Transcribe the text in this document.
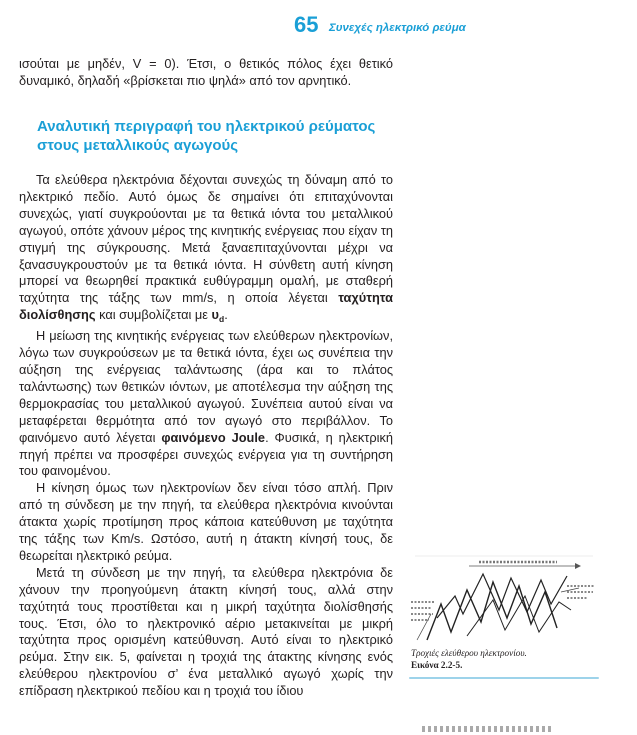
65 Συνεχές ηλεκτρικό ρεύμα

ισούται με μηδέν, V = 0). Έτσι, ο θετικός πόλος έχει θετικό δυναμικό, δηλαδή «βρίσκεται πιο ψηλά» από τον αρνητικό.

Αναλυτική περιγραφή του ηλεκτρικού ρεύματος στους μεταλλικούς αγωγούς

Τα ελεύθερα ηλεκτρόνια δέχονται συνεχώς τη δύναμη από το ηλεκτρικό πεδίο. Αυτό όμως δε σημαίνει ότι επιταχύνονται συνεχώς, γιατί συγκρούονται με τα θετικά ιόντα του μεταλλικού αγωγού, οπότε χάνουν μέρος της κινητικής ενέργειας που είχαν τη στιγμή της σύγκρουσης. Μετά ξαναεπιταχύνονται μέχρι να ξανασυγκρουστούν με τα θετικά ιόντα. Η σύνθετη αυτή κίνηση μπορεί να θεωρηθεί πρακτικά ευθύγραμμη ομαλή, με σταθερή ταχύτητα της τάξης των mm/s, η οποία λέγεται ταχύτητα διολίσθησης και συμβολίζεται με $\upsilon_d$.

Η μείωση της κινητικής ενέργειας των ελεύθερων ηλεκτρονίων, λόγω των συγκρούσεων με τα θετικά ιόντα, έχει ως συνέπεια την αύξηση της ενέργειας ταλάντωσης (άρα και το πλάτος ταλάντωσης) των θετικών ιόντων, με αποτέλεσμα την αύξηση της θερμοκρασίας του μεταλλικού αγωγού. Συνέπεια αυτού είναι να μεταφέρεται θερμότητα από τον αγωγό στο περιβάλλον. Το φαινόμενο αυτό λέγεται φαινόμενο Joule. Φυσικά, η ηλεκτρική πηγή πρέπει να προσφέρει συνεχώς ενέργεια για τη συντήρηση του φαινομένου.

Η κίνηση όμως των ηλεκτρονίων δεν είναι τόσο απλή. Πριν από τη σύνδεση με την πηγή, τα ελεύθερα ηλεκτρόνια κινούνται άτακτα χωρίς προτίμηση προς κάποια κατεύθυνση με ταχύτητα της τάξης των Km/s. Ωστόσο, αυτή η άτακτη κίνησή τους, δε θεωρείται ηλεκτρικό ρεύμα.

Μετά τη σύνδεση με την πηγή, τα ελεύθερα ηλεκτρόνια δε χάνουν την προηγούμενη άτακτη κίνησή τους, αλλά στην ταχύτητά τους προστίθεται και η μικρή ταχύτητα διολίσθησής τους. Έτσι, όλο το ηλεκτρονικό αέριο μετακινείται με μικρή ταχύτητα προς ορισμένη κατεύθυνση. Αυτό είναι το ηλεκτρικό ρεύμα. Στην εικ. 5, φαίνεται η τροχιά της άτακτης κίνησης ενός ελεύθερου ηλεκτρονίου σ’ ένα μεταλλικό αγωγό χωρίς την επίδραση ηλεκτρικού πεδίου και η τροχιά του ίδιου

Τροχιές ελεύθερου ηλεκτρονίου.
Εικόνα 2.2-5.
